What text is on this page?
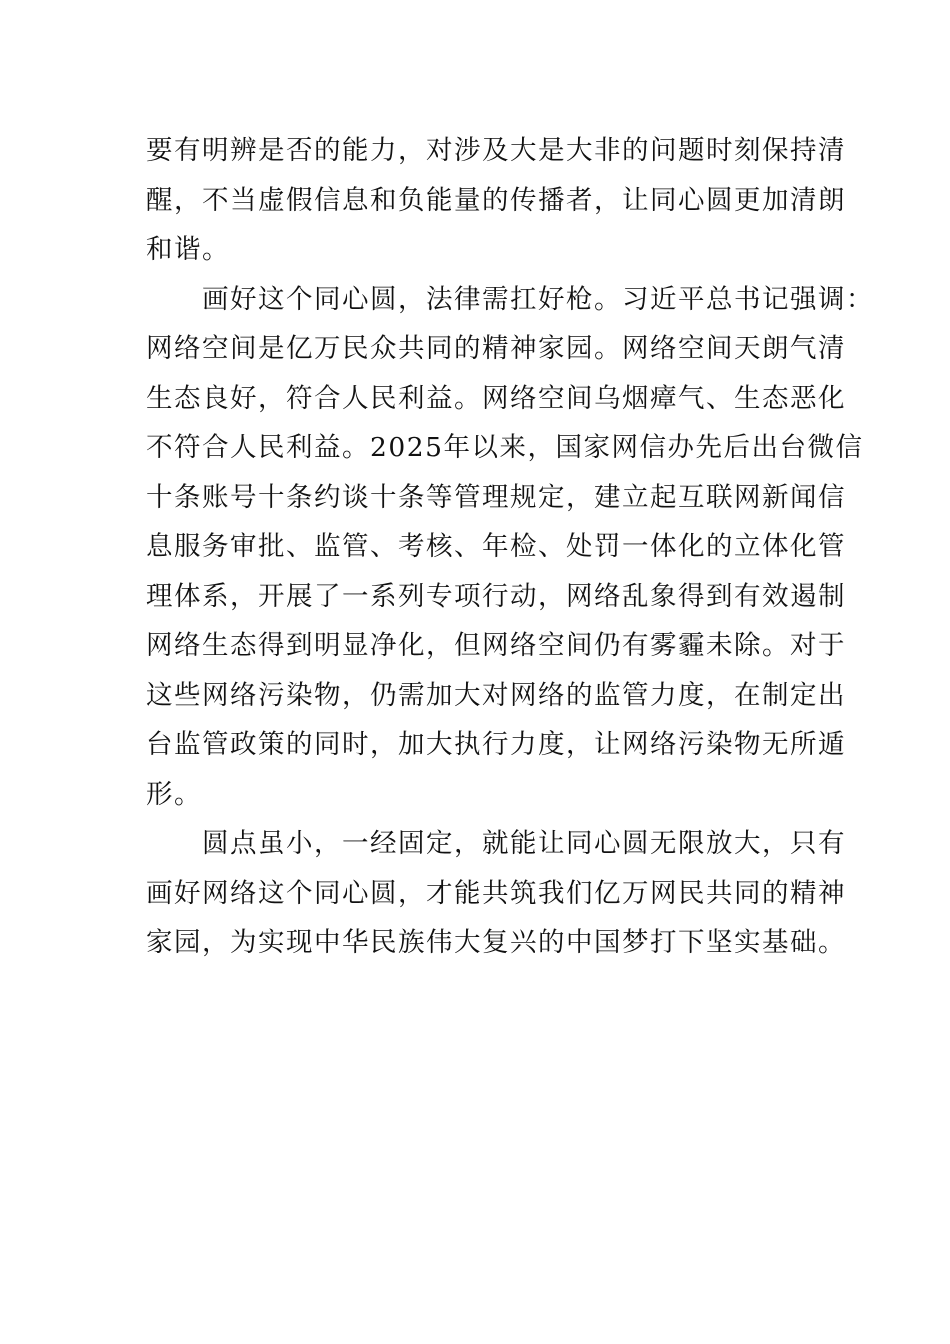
要有明辨是否的能力，对涉及大是大非的问题时刻保持清
醒，不当虚假信息和负能量的传播者，让同心圆更加清朗
和谐。
　　画好这个同心圆，法律需扛好枪。习近平总书记强调：
网络空间是亿万民众共同的精神家园。网络空间天朗气清
生态良好，符合人民利益。网络空间乌烟瘴气、生态恶化
不符合人民利益。2025年以来，国家网信办先后出台微信
十条账号十条约谈十条等管理规定，建立起互联网新闻信
息服务审批、监管、考核、年检、处罚一体化的立体化管
理体系，开展了一系列专项行动，网络乱象得到有效遏制
网络生态得到明显净化，但网络空间仍有雾霾未除。对于
这些网络污染物，仍需加大对网络的监管力度，在制定出
台监管政策的同时，加大执行力度，让网络污染物无所遁
形。
　　圆点虽小，一经固定，就能让同心圆无限放大，只有
画好网络这个同心圆，才能共筑我们亿万网民共同的精神
家园，为实现中华民族伟大复兴的中国梦打下坚实基础。
